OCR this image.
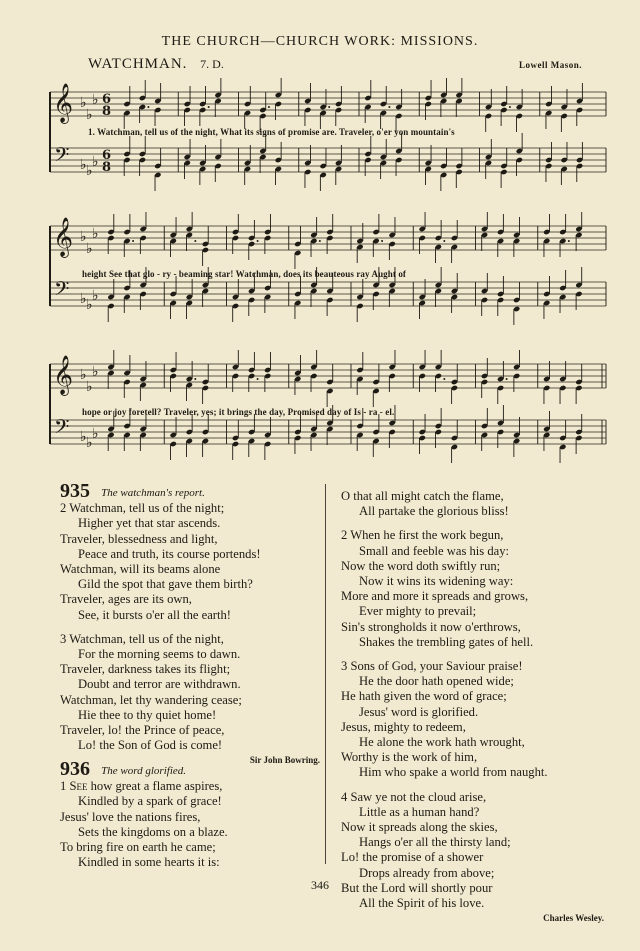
THE CHURCH—CHURCH WORK: MISSIONS.
WATCHMAN. 7. D.	Lowell Mason.
𝄞
𝄢
♭
♭
♭
♭
♭
♭
6
6
8
8
1. Watchman, tell us of the night, What its signs of promise are. Traveler, o'er yon mountain's
𝄞
𝄢
♭
♭
♭
♭
♭
♭
height See that glo - ry - beaming star! Watchman, does its beauteous ray Aught of
𝄞
𝄢
♭
♭
♭
♭
♭
♭
hope or joy foretell? Traveler, yes; it brings the day, Promised day of Is - ra - el.
935 The watchman's report.
2 Watchman, tell us of the night;
Higher yet that star ascends.
Traveler, blessedness and light,
Peace and truth, its course portends!
Watchman, will its beams alone
Gild the spot that gave them birth?
Traveler, ages are its own,
See, it bursts o'er all the earth!
3 Watchman, tell us of the night,
For the morning seems to dawn.
Traveler, darkness takes its flight;
Doubt and terror are withdrawn.
Watchman, let thy wandering cease;
Hie thee to thy quiet home!
Traveler, lo! the Prince of peace,
Lo! the Son of God is come!
Sir John Bowring.
936 The word glorified.
1 See how great a flame aspires,
Kindled by a spark of grace!
Jesus' love the nations fires,
Sets the kingdoms on a blaze.
To bring fire on earth he came;
Kindled in some hearts it is:
O that all might catch the flame,
All partake the glorious bliss!
2 When he first the work begun,
Small and feeble was his day:
Now the word doth swiftly run;
Now it wins its widening way:
More and more it spreads and grows,
Ever mighty to prevail;
Sin's strongholds it now o'erthrows,
Shakes the trembling gates of hell.
3 Sons of God, your Saviour praise!
He the door hath opened wide;
He hath given the word of grace;
Jesus' word is glorified.
Jesus, mighty to redeem,
He alone the work hath wrought,
Worthy is the work of him,
Him who spake a world from naught.
4 Saw ye not the cloud arise,
Little as a human hand?
Now it spreads along the skies,
Hangs o'er all the thirsty land;
Lo! the promise of a shower
Drops already from above;
But the Lord will shortly pour
All the Spirit of his love.
Charles Wesley.
346
